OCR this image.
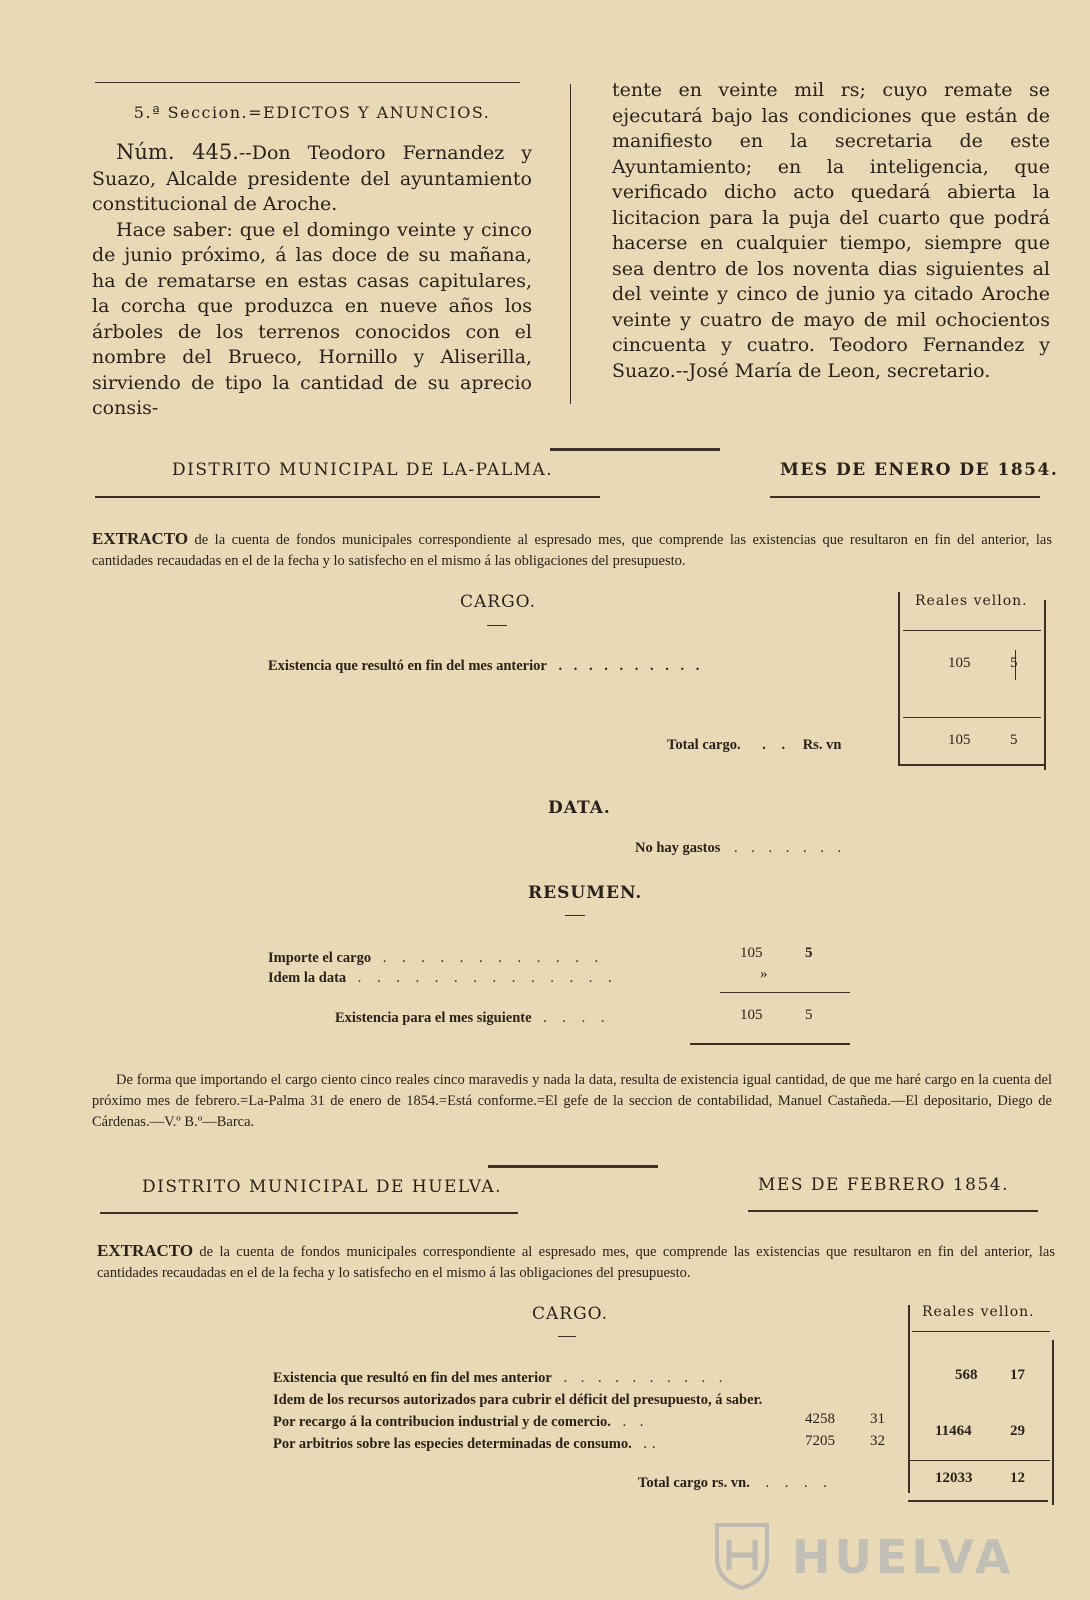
5.ª Seccion.=EDICTOS Y ANUNCIOS.

Núm. 445.--Don Teodoro Fernandez y Suazo, Alcalde presidente del ayuntamiento constitucional de Aroche.

Hace saber: que el domingo veinte y cinco de junio próximo, á las doce de su mañana, ha de rematarse en estas casas capitulares, la corcha que produzca en nueve años los árboles de los terrenos conocidos con el nombre del Brueco, Hornillo y Aliserilla, sirviendo de tipo la cantidad de su aprecio consis-

tente en veinte mil rs; cuyo remate se ejecutará bajo las condiciones que están de manifiesto en la secretaria de este Ayuntamiento; en la inteligencia, que verificado dicho acto quedará abierta la licitacion para la puja del cuarto que podrá hacerse en cualquier tiempo, siempre que sea dentro de los noventa dias siguientes al del veinte y cinco de junio ya citado Aroche veinte y cuatro de mayo de mil ochocientos cincuenta y cuatro. Teodoro Fernandez y Suazo.--José María de Leon, secretario.

DISTRITO MUNICIPAL DE LA-PALMA.	MES DE ENERO DE 1854.
EXTRACTO de la cuenta de fondos municipales correspondiente al espresado mes, que comprende las existencias que resultaron en fin del anterior, las cantidades recaudadas en el de la fecha y lo satisfecho en el mismo á las obligaciones del presupuesto.
CARGO.	Reales vellon.
Existencia que resultó en fin del mes anterior . . . . . . . . . .	105	5
Total cargo. . . Rs. vn	105	5
DATA.
No hay gastos . . . . . . .
RESUMEN.
Importe el cargo . . . . . . . . . . . .	105	5
Idem la data . . . . . . . . . . . . . .	»
Existencia para el mes siguiente . . . .	105	5
De forma que importando el cargo ciento cinco reales cinco maravedis y nada la data, resulta de existencia igual cantidad, de que me haré cargo en la cuenta del próximo mes de febrero.=La-Palma 31 de enero de 1854.=Está conforme.=El gefe de la seccion de contabilidad, Manuel Castañeda.—El depositario, Diego de Cárdenas.—V.º B.º—Barca.
DISTRITO MUNICIPAL DE HUELVA.	MES DE FEBRERO 1854.
EXTRACTO de la cuenta de fondos municipales correspondiente al espresado mes, que comprende las existencias que resultaron en fin del anterior, las cantidades recaudadas en el de la fecha y lo satisfecho en el mismo á las obligaciones del presupuesto.
CARGO.	Reales vellon.
Existencia que resultó en fin del mes anterior . . . . . . . . . .	568 17
Idem de los recursos autorizados para cubrir el déficit del presupuesto, á saber.
Por recargo á la contribucion industrial y de comercio. . .	4258 31
Por arbitrios sobre las especies determinadas de consumo. ..	7205 32
11464	29
Total cargo rs. vn. . . . .	12033	12
HUELVA
